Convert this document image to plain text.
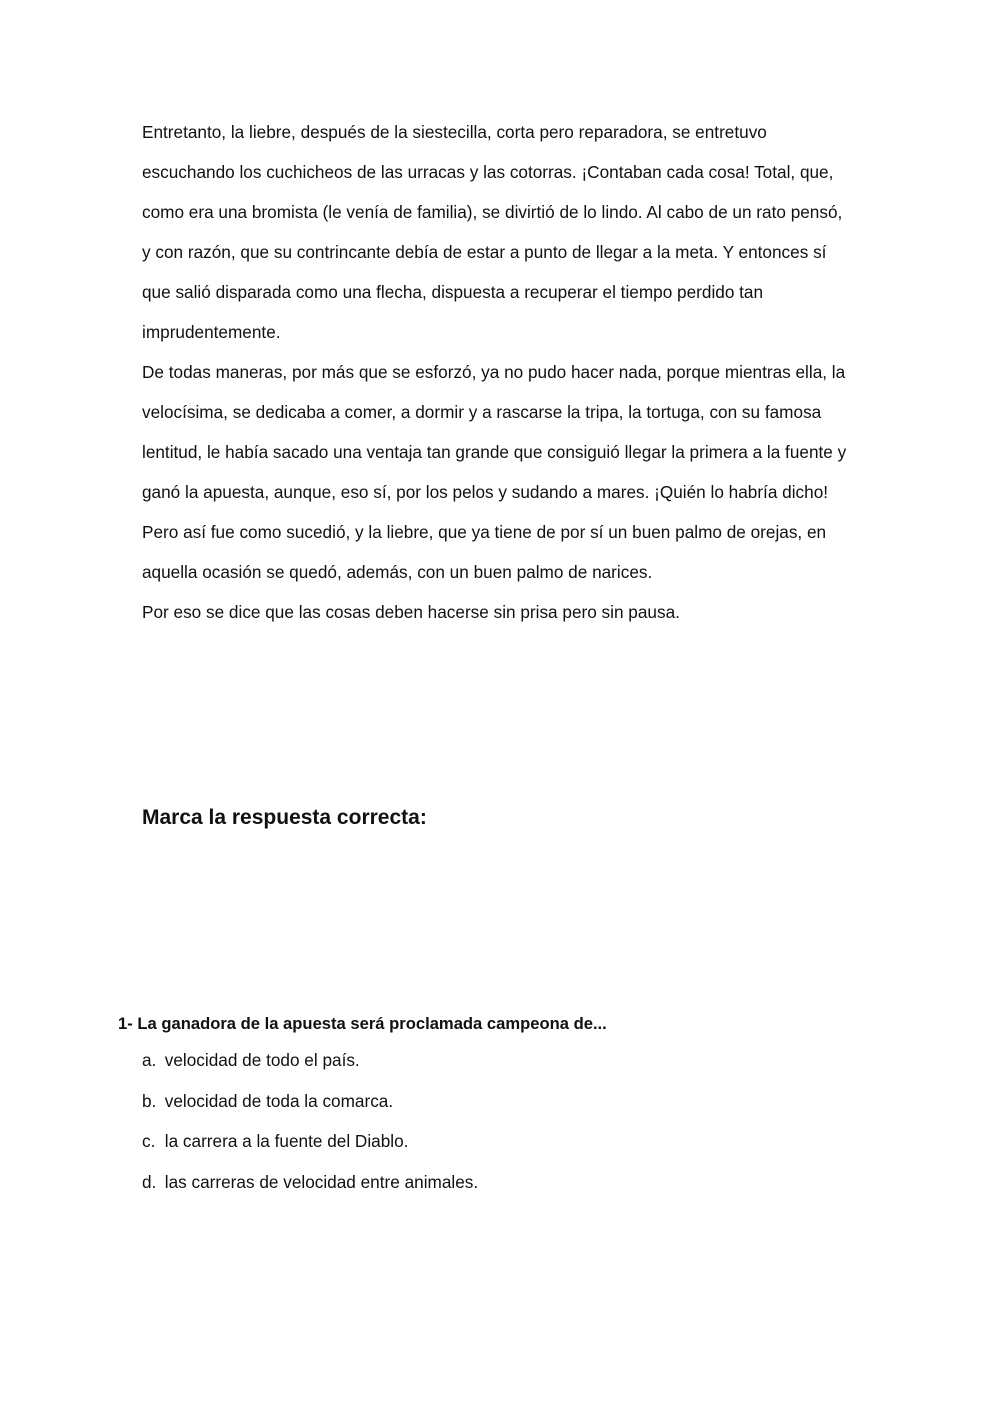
Entretanto, la liebre, después de la siestecilla, corta pero reparadora, se entretuvo
escuchando los cuchicheos de las urracas y las cotorras. ¡Contaban cada cosa! Total, que,
como era una bromista (le venía de familia), se divirtió de lo lindo. Al cabo de un rato pensó,
y con razón, que su contrincante debía de estar a punto de llegar a la meta. Y entonces sí
que salió disparada como una flecha, dispuesta a recuperar el tiempo perdido tan
imprudentemente.
De todas maneras, por más que se esforzó, ya no pudo hacer nada, porque mientras ella, la
velocísima, se dedicaba a comer, a dormir y a rascarse la tripa, la tortuga, con su famosa
lentitud, le había sacado una ventaja tan grande que consiguió llegar la primera a la fuente y
ganó la apuesta, aunque, eso sí, por los pelos y sudando a mares. ¡Quién lo habría dicho!
Pero así fue como sucedió, y la liebre, que ya tiene de por sí un buen palmo de orejas, en
aquella ocasión se quedó, además, con un buen palmo de narices.
Por eso se dice que las cosas deben hacerse sin prisa pero sin pausa.
Marca la respuesta correcta:
1- La ganadora de la apuesta será proclamada campeona de...
a. velocidad de todo el país.
b. velocidad de toda la comarca.
c. la carrera a la fuente del Diablo.
d. las carreras de velocidad entre animales.
